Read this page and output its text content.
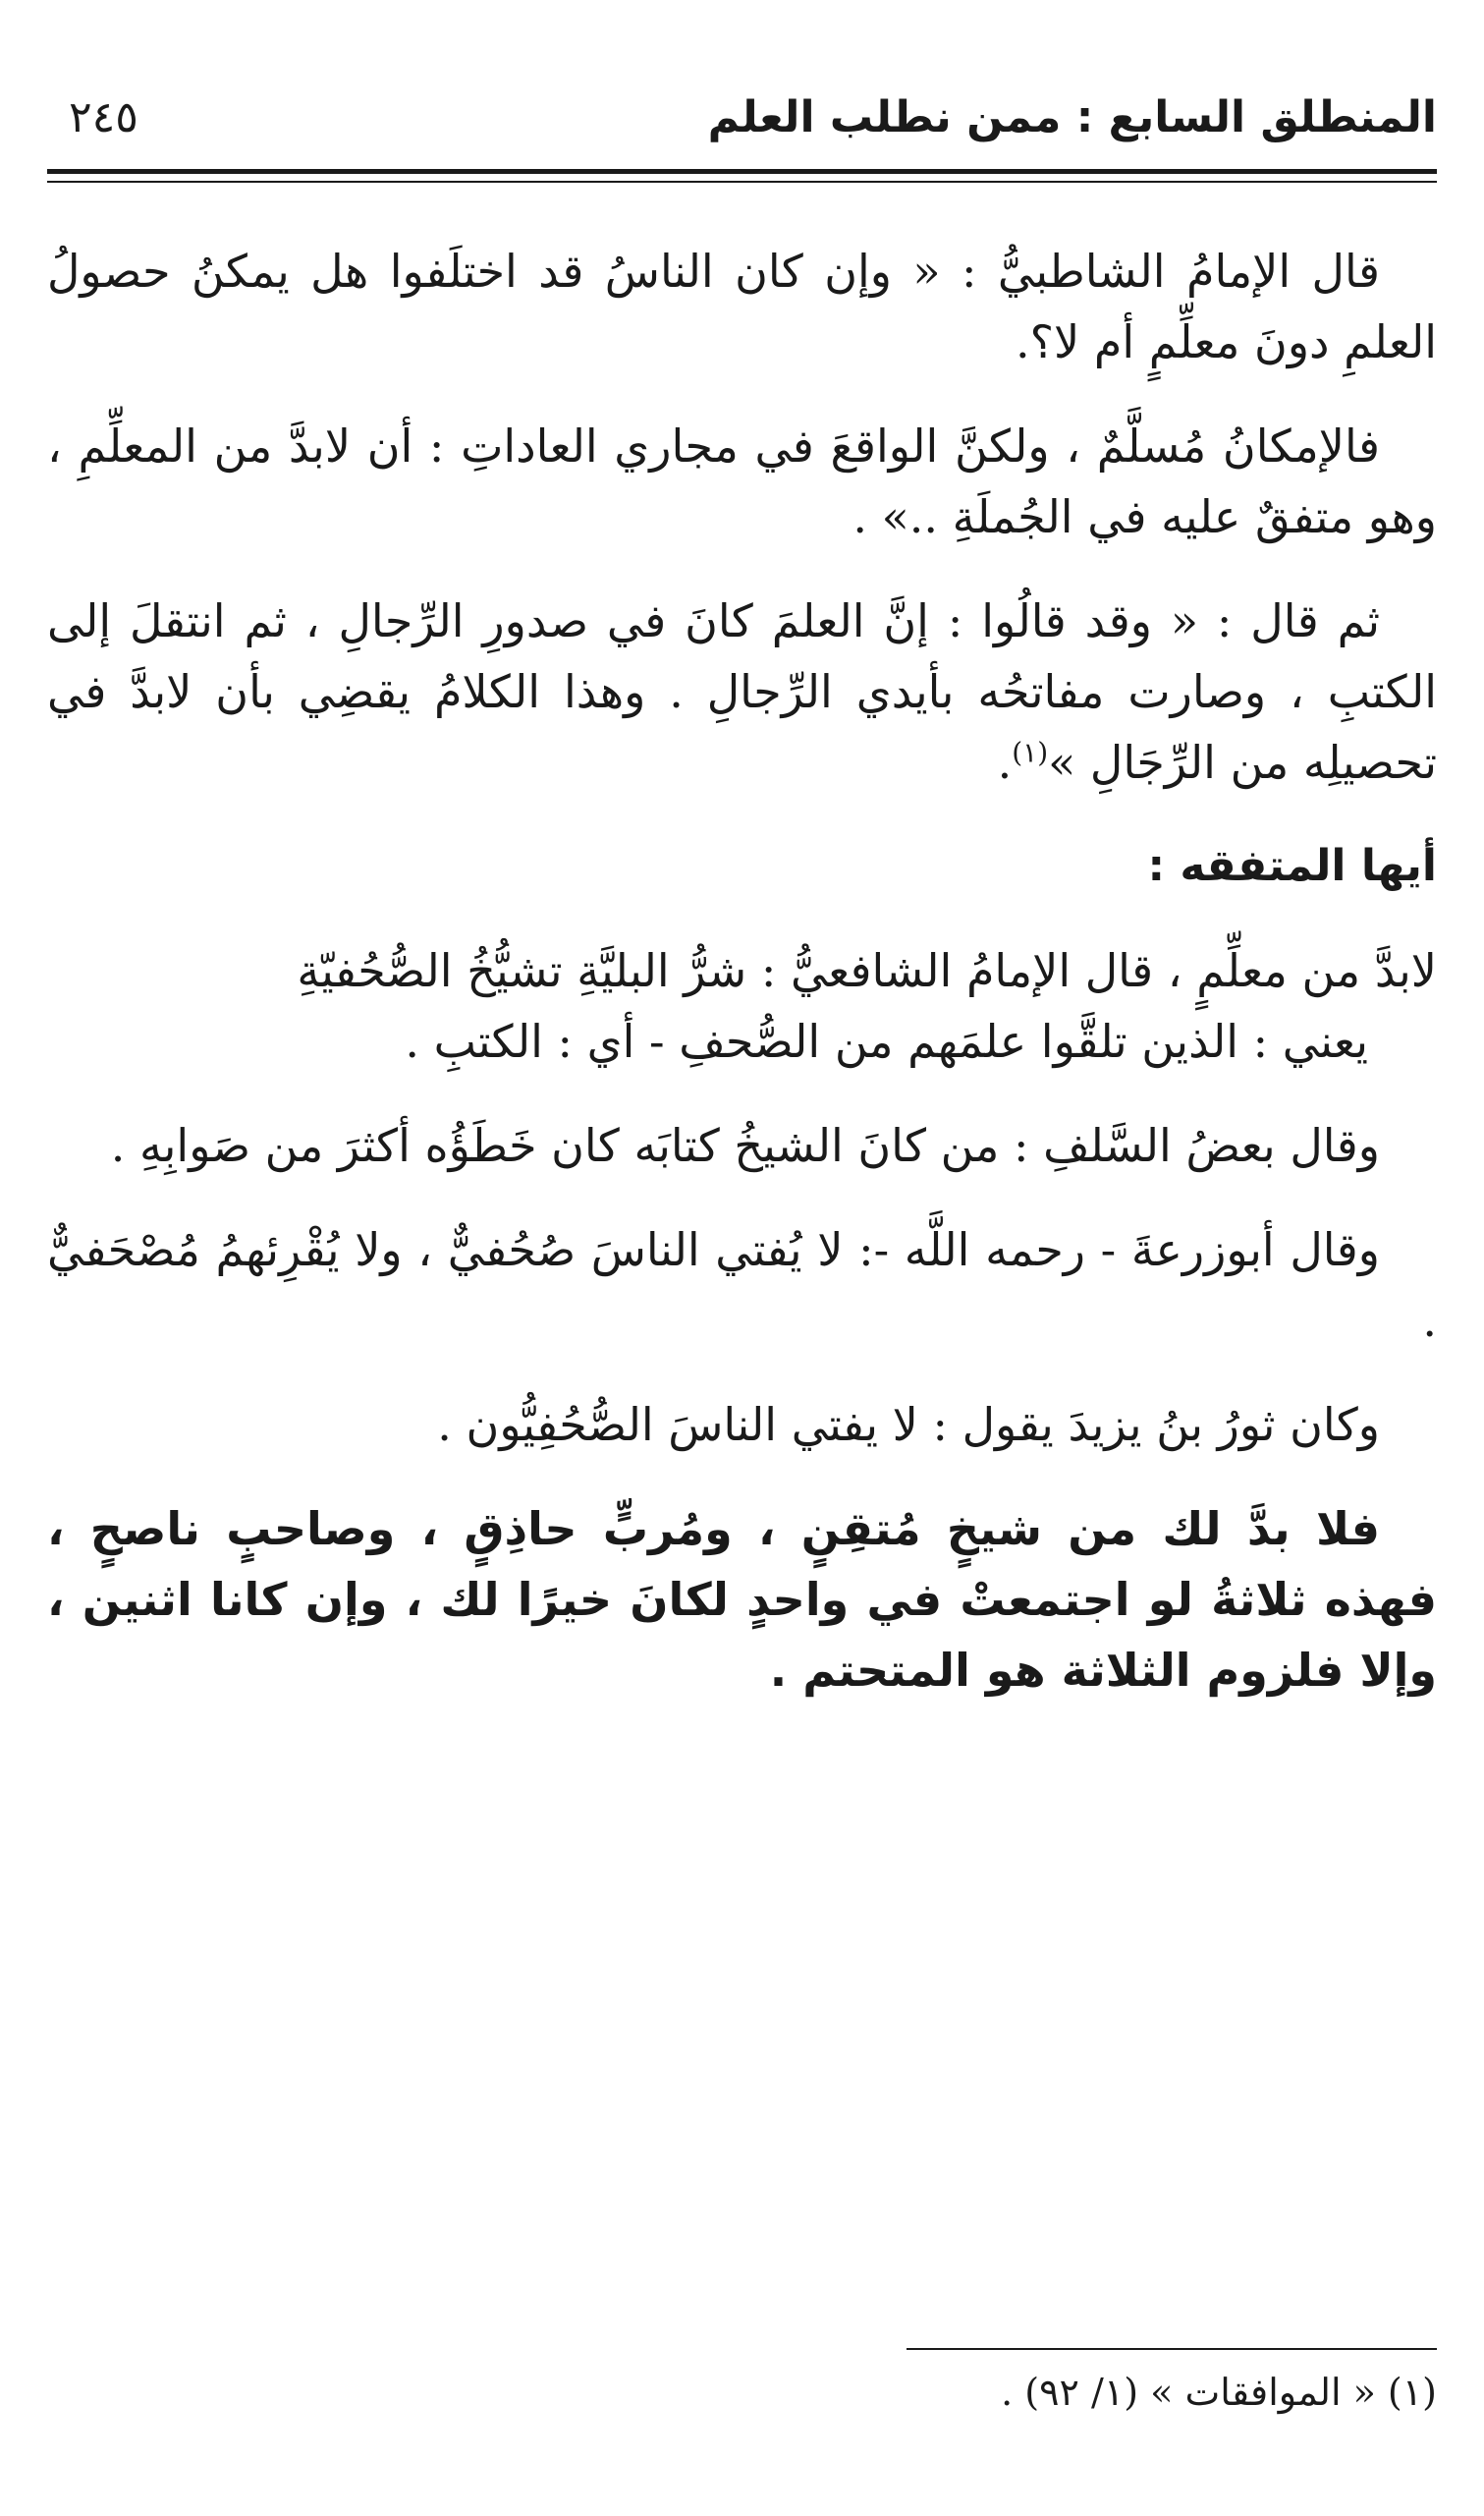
المنطلق السابع : ممن نطلب العلم
٢٤٥

قال الإمامُ الشاطبيُّ : « وإن كان الناسُ قد اختلَفوا هل يمكنُ حصولُ العلمِ دونَ معلِّمٍ أم لا؟.

فالإمكانُ مُسلَّمٌ ، ولكنَّ الواقعَ في مجاري العاداتِ : أن لابدَّ من المعلِّمِ ، وهو متفقٌ عليه في الجُملَةِ ..» .

ثم قال : « وقد قالُوا : إنَّ العلمَ كانَ في صدورِ الرِّجالِ ، ثم انتقلَ إلى الكتبِ ، وصارت مفاتحُه بأيدي الرِّجالِ . وهذا الكلامُ يقضِي بأن لابدَّ في تحصيلِه من الرِّجَالِ »$^{(١)}$.

أيها المتفقه :
لابدَّ من معلِّمٍ ، قال الإمامُ الشافعيُّ : شرُّ البليَّةِ تشيُّخُ الصُّحُفيّةِ
يعني : الذين تلقَّوا علمَهم من الصُّحفِ - أي : الكتبِ .

وقال بعضُ السَّلفِ : من كانَ الشيخُ كتابَه كان خَطَؤُه أكثرَ من صَوابِهِ .

وقال أبوزرعةَ - رحمه اللَّه -: لا يُفتي الناسَ صُحُفيٌّ ، ولا يُقْرِئهمُ مُصْحَفيٌّ .

وكان ثورُ بنُ يزيدَ يقول : لا يفتي الناسَ الصُّحُفِيُّون .

فلا بدَّ لك من شيخٍ مُتقِنٍ ، ومُربٍّ حاذِقٍ ، وصاحبٍ ناصحٍ ، فهذه ثلاثةُ لو اجتمعتْ في واحدٍ لكانَ خيرًا لك ، وإن كانا اثنين ، وإلا فلزوم الثلاثة هو المتحتم .

(١) « الموافقات » (١/ ٩٢) .
